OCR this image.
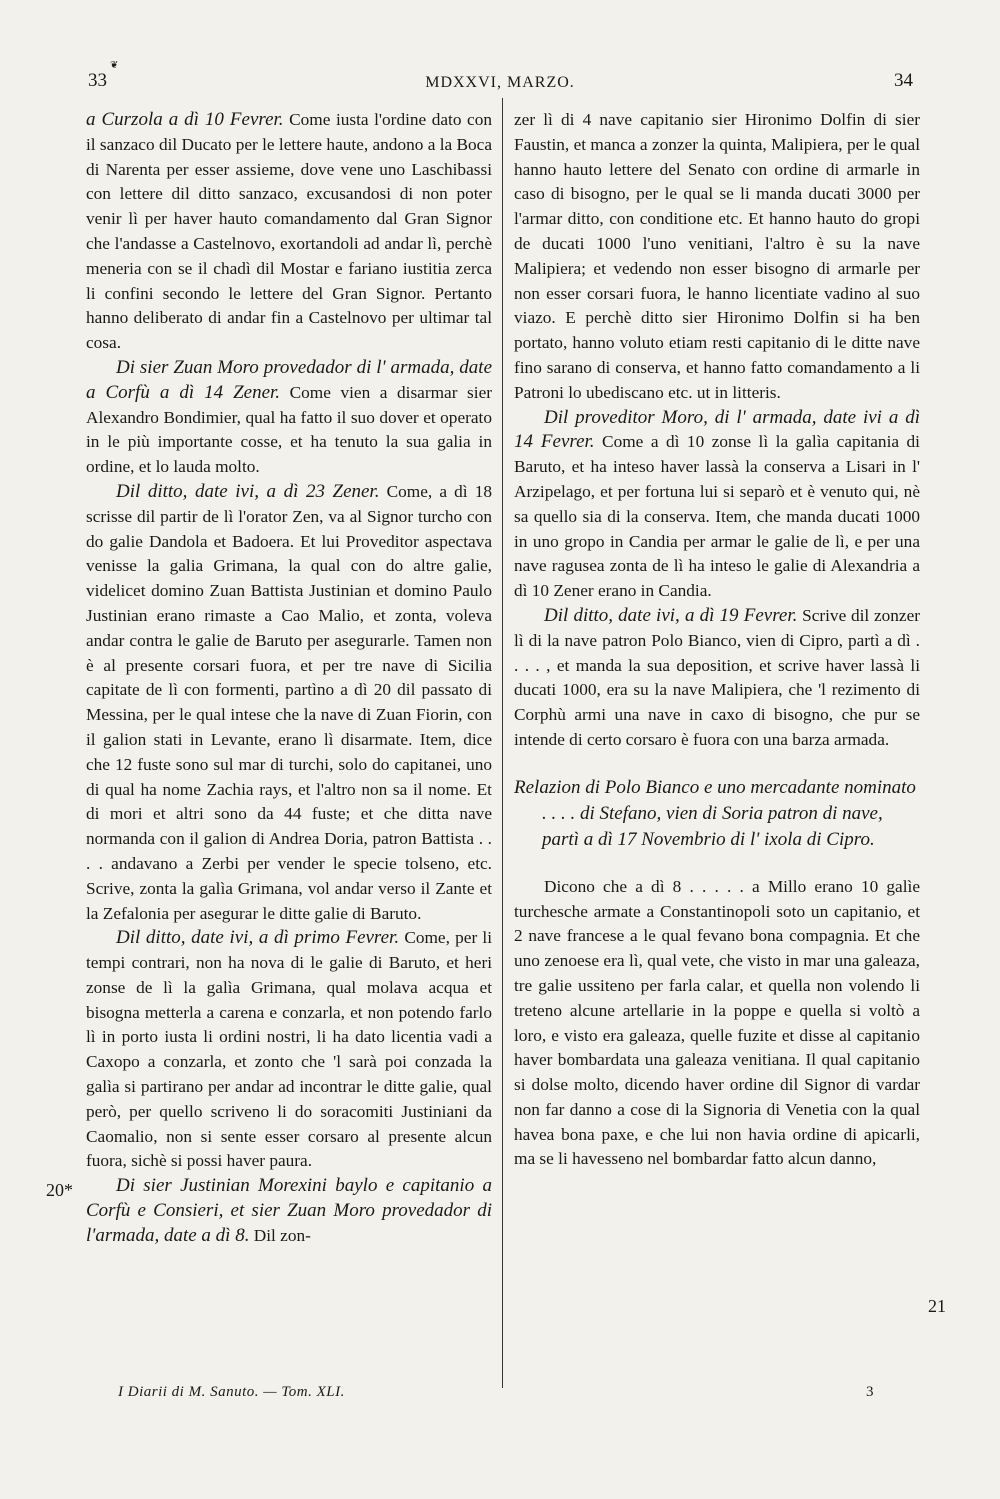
❦
33	MDXXVI, MARZO.	34

a Curzola a dì 10 Fevrer. Come iusta l'ordine dato con il sanzaco dil Ducato per le lettere haute, andono a la Boca di Narenta per esser assieme, dove vene uno Laschibassi con lettere dil ditto sanzaco, excusandosi di non poter venir lì per haver hauto comandamento dal Gran Signor che l'andasse a Castelnovo, exortandoli ad andar lì, perchè meneria con se il chadì dil Mostar e fariano iustitia zerca li confini secondo le lettere del Gran Signor. Pertanto hanno deliberato di andar fin a Castelnovo per ultimar tal cosa.

Di sier Zuan Moro provedador di l' armada, date a Corfù a dì 14 Zener. Come vien a disarmar sier Alexandro Bondimier, qual ha fatto il suo dover et operato in le più importante cosse, et ha tenuto la sua galia in ordine, et lo lauda molto.

Dil ditto, date ivi, a dì 23 Zener. Come, a dì 18 scrisse dil partir de lì l'orator Zen, va al Signor turcho con do galie Dandola et Badoera. Et lui Proveditor aspectava venisse la galia Grimana, la qual con do altre galie, videlicet domino Zuan Battista Justinian et domino Paulo Justinian erano rimaste a Cao Malio, et zonta, voleva andar contra le galie de Baruto per asegurarle. Tamen non è al presente corsari fuora, et per tre nave di Sicilia capitate de lì con formenti, partìno a dì 20 dil passato di Messina, per le qual intese che la nave di Zuan Fiorin, con il galion stati in Levante, erano lì disarmate. Item, dice che 12 fuste sono sul mar di turchi, solo do capitanei, uno di qual ha nome Zachia rays, et l'altro non sa il nome. Et di mori et altri sono da 44 fuste; et che ditta nave normanda con il galion di Andrea Doria, patron Battista . . . . andavano a Zerbi per vender le specie tolseno, etc. Scrive, zonta la galìa Grimana, vol andar verso il Zante et la Zefalonia per asegurar le ditte galie di Baruto.

Dil ditto, date ivi, a dì primo Fevrer. Come, per li tempi contrari, non ha nova di le galie di Baruto, et heri zonse de lì la galìa Grimana, qual molava acqua et bisogna metterla a carena e conzarla, et non potendo farlo lì in porto iusta li ordini nostri, li ha dato licentia vadi a Caxopo a conzarla, et zonto che 'l sarà poi conzada la galìa si partirano per andar ad incontrar le ditte galie, qual però, per quello scriveno li do soracomiti Justiniani da Caomalio, non si sente esser corsaro al presente alcun fuora, sichè si possi haver paura.

Di sier Justinian Morexini baylo e capitanio a Corfù e Consieri, et sier Zuan Moro provedador di l'armada, date a dì 8. Dil zon-

zer lì di 4 nave capitanio sier Hironimo Dolfin di sier Faustin, et manca a zonzer la quinta, Malipiera, per le qual hanno hauto lettere del Senato con ordine di armarle in caso di bisogno, per le qual se li manda ducati 3000 per l'armar ditto, con conditione etc. Et hanno hauto do gropi de ducati 1000 l'uno venitiani, l'altro è su la nave Malipiera; et vedendo non esser bisogno di armarle per non esser corsari fuora, le hanno licentiate vadino al suo viazo. E perchè ditto sier Hironimo Dolfin si ha ben portato, hanno voluto etiam resti capitanio di le ditte nave fino sarano di conserva, et hanno fatto comandamento a li Patroni lo ubediscano etc. ut in litteris.

Dil proveditor Moro, di l' armada, date ivi a dì 14 Fevrer. Come a dì 10 zonse lì la galìa capitania di Baruto, et ha inteso haver lassà la conserva a Lisari in l' Arzipelago, et per fortuna lui si separò et è venuto qui, nè sa quello sia di la conserva. Item, che manda ducati 1000 in uno gropo in Candia per armar le galie de lì, e per una nave ragusea zonta de lì ha inteso le galie di Alexandria a dì 10 Zener erano in Candia.

Dil ditto, date ivi, a dì 19 Fevrer. Scrive dil zonzer lì di la nave patron Polo Bianco, vien di Cipro, partì a dì . . . . , et manda la sua deposition, et scrive haver lassà li ducati 1000, era su la nave Malipiera, che 'l rezimento di Corphù armi una nave in caxo di bisogno, che pur se intende di certo corsaro è fuora con una barza armada.

Relazion di Polo Bianco e uno mercadante nominato . . . . di Stefano, vien di Soria patron di nave, partì a dì 17 Novembrio di l' ixola di Cipro.

Dicono che a dì 8 . . . . . a Millo erano 10 galìe turchesche armate a Constantinopoli soto un capitanio, et 2 nave francese a le qual fevano bona compagnia. Et che uno zenoese era lì, qual vete, che visto in mar una galeaza, tre galie ussiteno per farla calar, et quella non volendo li treteno alcune artellarie in la poppe e quella si voltò a loro, e visto era galeaza, quelle fuzite et disse al capitanio haver bombardata una galeaza venitiana. Il qual capitanio si dolse molto, dicendo haver ordine dil Signor di vardar non far danno a cose di la Signoria di Venetia con la qual havea bona paxe, e che lui non havia ordine di apicarli, ma se li havesseno nel bombardar fatto alcun danno,

20*
21
I Diarii di M. Sanuto. — Tom. XLI.	3
